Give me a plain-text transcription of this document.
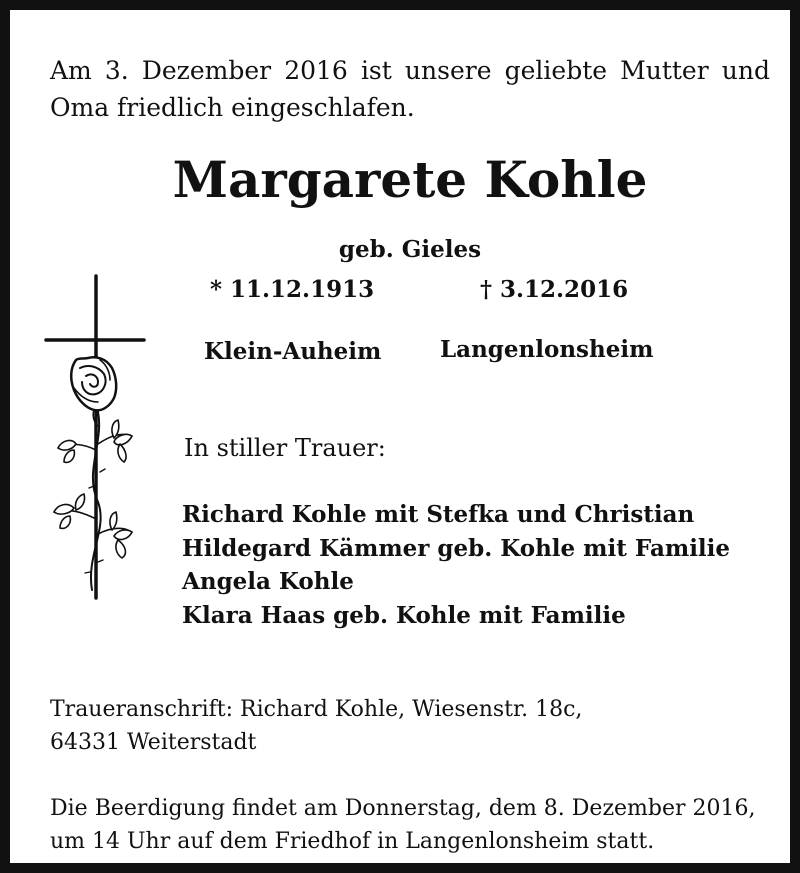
Am 3. Dezember 2016 ist unsere geliebte Mutter und
Oma friedlich eingeschlafen.
Margarete Kohle
geb. Gieles
* 11.12.1913	† 3.12.2016
Klein-Auheim	Langenlonsheim
In stiller Trauer:
Richard Kohle mit Stefka und Christian
Hildegard Kämmer geb. Kohle mit Familie
Angela Kohle
Klara Haas geb. Kohle mit Familie
Traueranschrift: Richard Kohle, Wiesenstr. 18c,
64331 Weiterstadt
Die Beerdigung findet am Donnerstag, dem 8. Dezember 2016,
um 14 Uhr auf dem Friedhof in Langenlonsheim statt.
